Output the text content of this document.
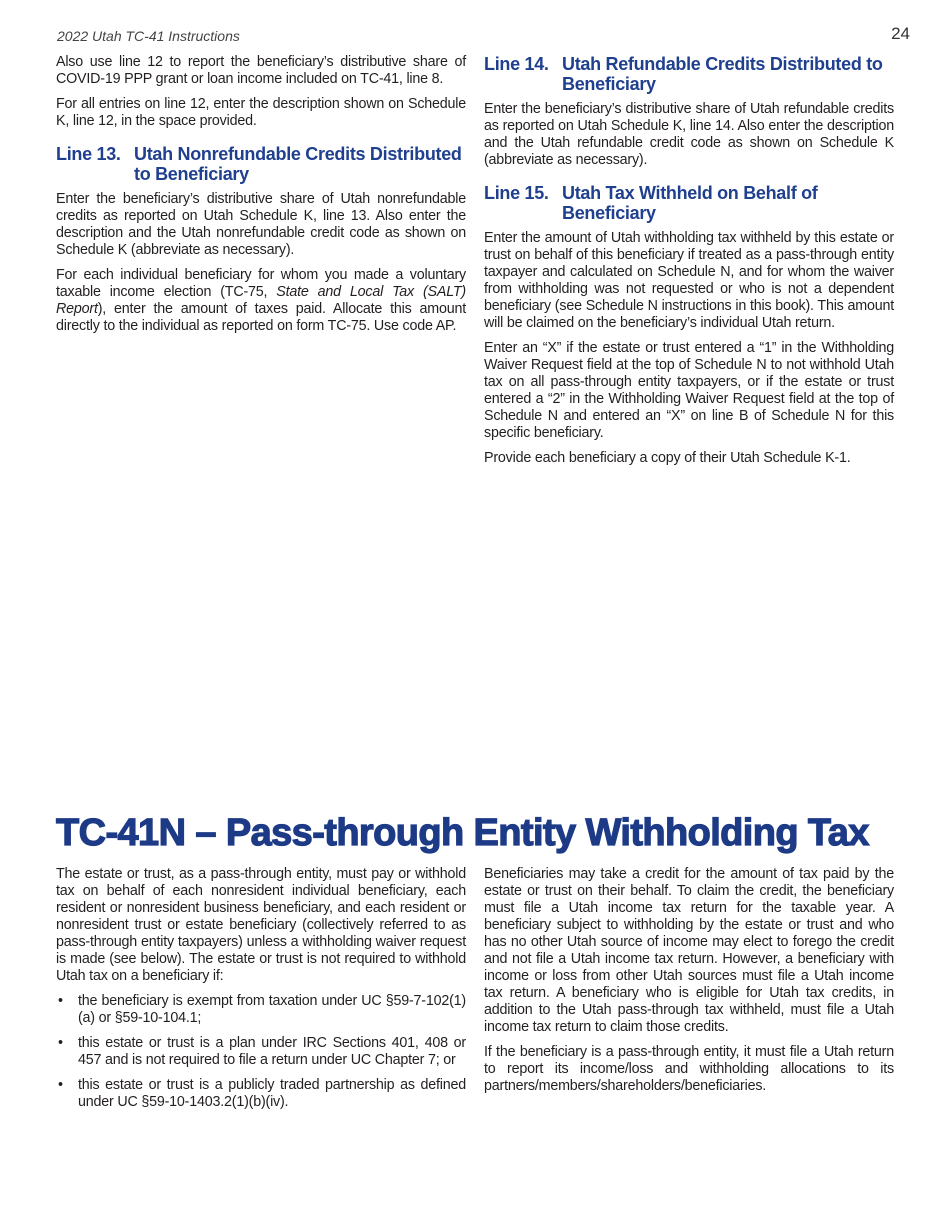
2022 Utah TC-41 Instructions	24

Also use line 12 to report the beneficiary’s distributive share of COVID-19 PPP grant or loan income included on TC-41, line 8.

For all entries on line 12, enter the description shown on Schedule K, line 12, in the space provided.

Line 13. Utah Nonrefundable Credits Distributed to Beneficiary

Enter the beneficiary’s distributive share of Utah nonrefundable credits as reported on Utah Schedule K, line 13. Also enter the description and the Utah nonrefundable credit code as shown on Schedule K (abbreviate as necessary).

For each individual beneficiary for whom you made a voluntary taxable income election (TC-75, State and Local Tax (SALT) Report), enter the amount of taxes paid. Allocate this amount directly to the individual as reported on form TC-75. Use code AP.

Line 14. Utah Refundable Credits Distributed to Beneficiary

Enter the beneficiary’s distributive share of Utah refundable credits as reported on Utah Schedule K, line 14. Also enter the description and the Utah refundable credit code as shown on Schedule K (abbreviate as necessary).

Line 15. Utah Tax Withheld on Behalf of Beneficiary

Enter the amount of Utah withholding tax withheld by this estate or trust on behalf of this beneficiary if treated as a pass-through entity taxpayer and calculated on Schedule N, and for whom the waiver from withholding was not requested or who is not a dependent beneficiary (see Schedule N instructions in this book). This amount will be claimed on the beneficiary’s individual Utah return.

Enter an “X” if the estate or trust entered a “1” in the Withholding Waiver Request field at the top of Schedule N to not withhold Utah tax on all pass-through entity taxpayers, or if the estate or trust entered a “2” in the Withholding Waiver Request field at the top of Schedule N and entered an “X” on line B of Schedule N for this specific beneficiary.

Provide each beneficiary a copy of their Utah Schedule K-1.

TC-41N – Pass-through Entity Withholding Tax

The estate or trust, as a pass-through entity, must pay or withhold tax on behalf of each nonresident individual beneficiary, each resident or nonresident business beneficiary, and each resident or nonresident trust or estate beneficiary (collectively referred to as pass-through entity taxpayers) unless a withholding waiver request is made (see below). The estate or trust is not required to withhold Utah tax on a beneficiary if:

• the beneficiary is exempt from taxation under UC §59-7-102(1)(a) or §59-10-104.1;
• this estate or trust is a plan under IRC Sections 401, 408 or 457 and is not required to file a return under UC Chapter 7; or
• this estate or trust is a publicly traded partnership as defined under UC §59-10-1403.2(1)(b)(iv).

Beneficiaries may take a credit for the amount of tax paid by the estate or trust on their behalf. To claim the credit, the beneficiary must file a Utah income tax return for the taxable year. A beneficiary subject to withholding by the estate or trust and who has no other Utah source of income may elect to forego the credit and not file a Utah income tax return. However, a beneficiary with income or loss from other Utah sources must file a Utah income tax return. A beneficiary who is eligible for Utah tax credits, in addition to the Utah pass-through tax withheld, must file a Utah income tax return to claim those credits.

If the beneficiary is a pass-through entity, it must file a Utah return to report its income/loss and withholding allocations to its partners/members/shareholders/beneficiaries.
